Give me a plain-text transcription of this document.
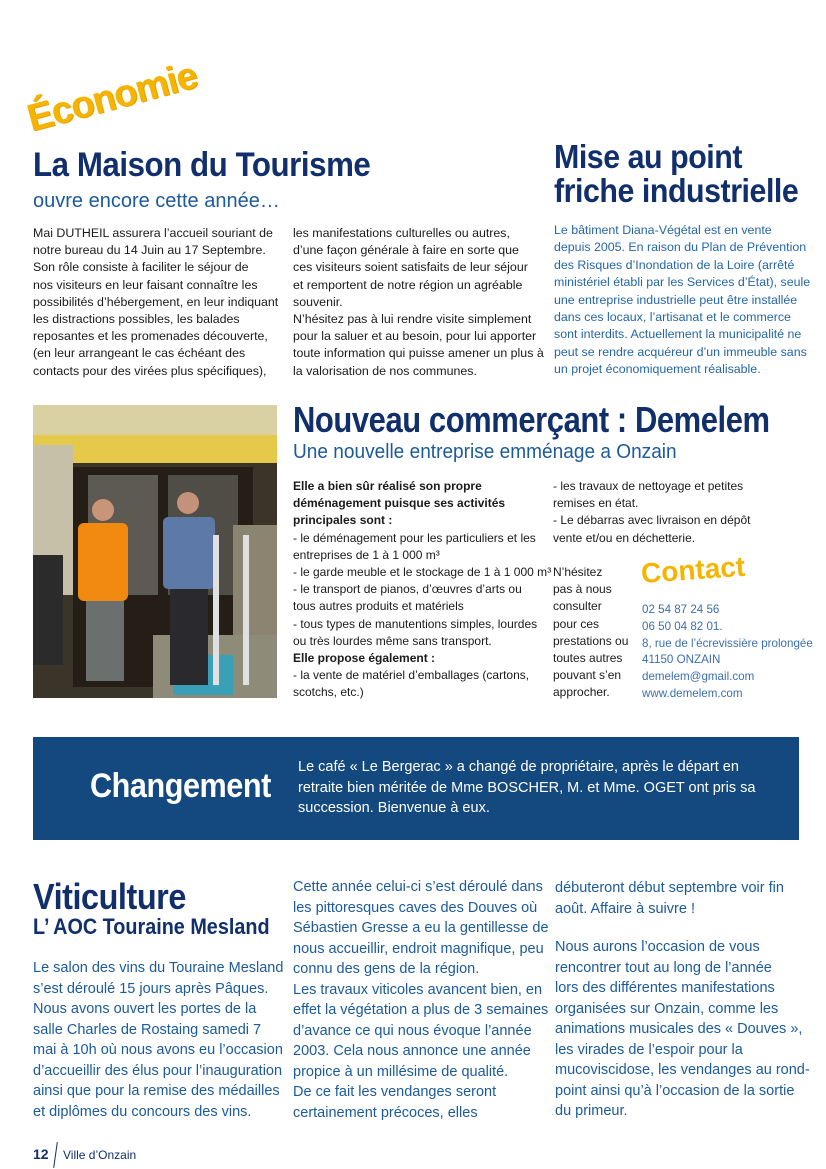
Économie
La Maison du Tourisme
ouvre encore cette année…
Mai DUTHEIL assurera l’accueil souriant de
notre bureau du 14 Juin au 17 Septembre.
Son rôle consiste à faciliter le séjour de
nos visiteurs en leur faisant connaître les
possibilités d’hébergement, en leur indiquant
les distractions possibles, les balades
reposantes et les promenades découverte,
(en leur arrangeant le cas échéant des
contacts pour des virées plus spécifiques),
les manifestations culturelles ou autres,
d’une façon générale à faire en sorte que
ces visiteurs soient satisfaits de leur séjour
et remportent de notre région un agréable
souvenir.
N’hésitez pas à lui rendre visite simplement
pour la saluer et au besoin, pour lui apporter
toute information qui puisse amener un plus à
la valorisation de nos communes.
Mise au point
friche industrielle
Le bâtiment Diana-Végétal est en vente
depuis 2005. En raison du Plan de Prévention
des Risques d’Inondation de la Loire (arrêté
ministériel établi par les Services d’État), seule
une entreprise industrielle peut être installée
dans ces locaux, l’artisanat et le commerce
sont interdits. Actuellement la municipalité ne
peut se rendre acquéreur d’un immeuble sans
un projet économiquement réalisable.
Nouveau commerçant : Demelem
Une nouvelle entreprise emménage a Onzain
Elle a bien sûr réalisé son propre
déménagement puisque ses activités
principales sont :
- le déménagement pour les particuliers et les
entreprises de 1 à 1 000 m³
- le garde meuble et le stockage de 1 à 1 000 m³
- le transport de pianos, d’œuvres d’arts ou
tous autres produits et matériels
- tous types de manutentions simples, lourdes
ou très lourdes même sans transport.
Elle propose également :
- la vente de matériel d’emballages (cartons,
scotchs, etc.)
- les travaux de nettoyage et petites
remises en état.
- Le débarras avec livraison en dépôt
vente et/ou en déchetterie.
N’hésitez
pas à nous
consulter
pour ces
prestations ou
toutes autres
pouvant s’en
approcher.
Contact
02 54 87 24 56
06 50 04 82 01.
8, rue de l’écrevissière prolongée
41150 ONZAIN
demelem@gmail.com
www.demelem.com
Changement Le café « Le Bergerac » a changé de propriétaire, après le départ en
retraite bien méritée de Mme BOSCHER, M. et Mme. OGET ont pris sa
succession. Bienvenue à eux.
Viticulture
L’ AOC Touraine Mesland
Le salon des vins du Touraine Mesland
s’est déroulé 15 jours après Pâques.
Nous avons ouvert les portes de la
salle Charles de Rostaing samedi 7
mai à 10h où nous avons eu l’occasion
d’accueillir des élus pour l’inauguration
ainsi que pour la remise des médailles
et diplômes du concours des vins.
Cette année celui-ci s’est déroulé dans
les pittoresques caves des Douves où
Sébastien Gresse a eu la gentillesse de
nous accueillir, endroit magnifique, peu
connu des gens de la région.
Les travaux viticoles avancent bien, en
effet la végétation a plus de 3 semaines
d’avance ce qui nous évoque l’année
2003. Cela nous annonce une année
propice à un millésime de qualité.
De ce fait les vendanges seront
certainement précoces, elles
débuteront début septembre voir fin
août. Affaire à suivre !
Nous aurons l’occasion de vous
rencontrer tout au long de l’année
lors des différentes manifestations
organisées sur Onzain, comme les
animations musicales des « Douves »,
les virades de l’espoir pour la
mucoviscidose, les vendanges au rond-
point ainsi qu’à l’occasion de la sortie
du primeur.
12 Ville d’Onzain
